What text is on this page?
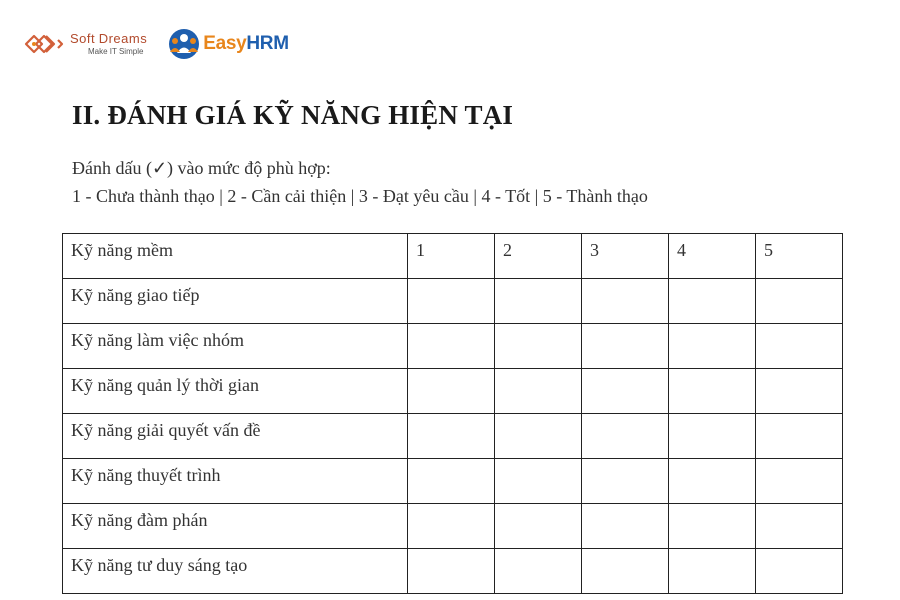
Soft Dreams
Make IT Simple	EasyHRM
II. ĐÁNH GIÁ KỸ NĂNG HIỆN TẠI
Đánh dấu (✓) vào mức độ phù hợp:
1 - Chưa thành thạo | 2 - Cần cải thiện | 3 - Đạt yêu cầu | 4 - Tốt | 5 - Thành thạo
Kỹ năng mềm	1	2	3	4	5
Kỹ năng giao tiếp					
Kỹ năng làm việc nhóm					
Kỹ năng quản lý thời gian					
Kỹ năng giải quyết vấn đề					
Kỹ năng thuyết trình					
Kỹ năng đàm phán					
Kỹ năng tư duy sáng tạo					
